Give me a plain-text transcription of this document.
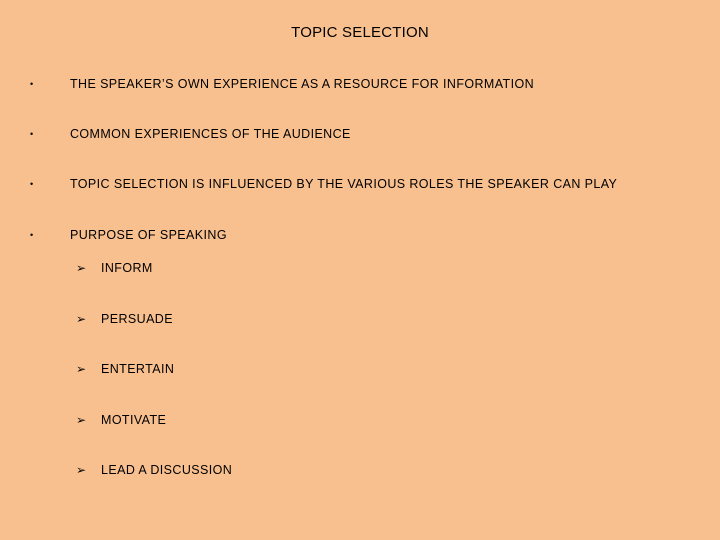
TOPIC SELECTION
•	THE SPEAKER’S OWN EXPERIENCE AS A RESOURCE FOR INFORMATION
•	COMMON EXPERIENCES OF THE AUDIENCE
•	TOPIC SELECTION IS INFLUENCED BY THE VARIOUS ROLES THE SPEAKER CAN PLAY
•	PURPOSE OF SPEAKING
➢	INFORM
➢	PERSUADE
➢	ENTERTAIN
➢	MOTIVATE
➢	LEAD A DISCUSSION
